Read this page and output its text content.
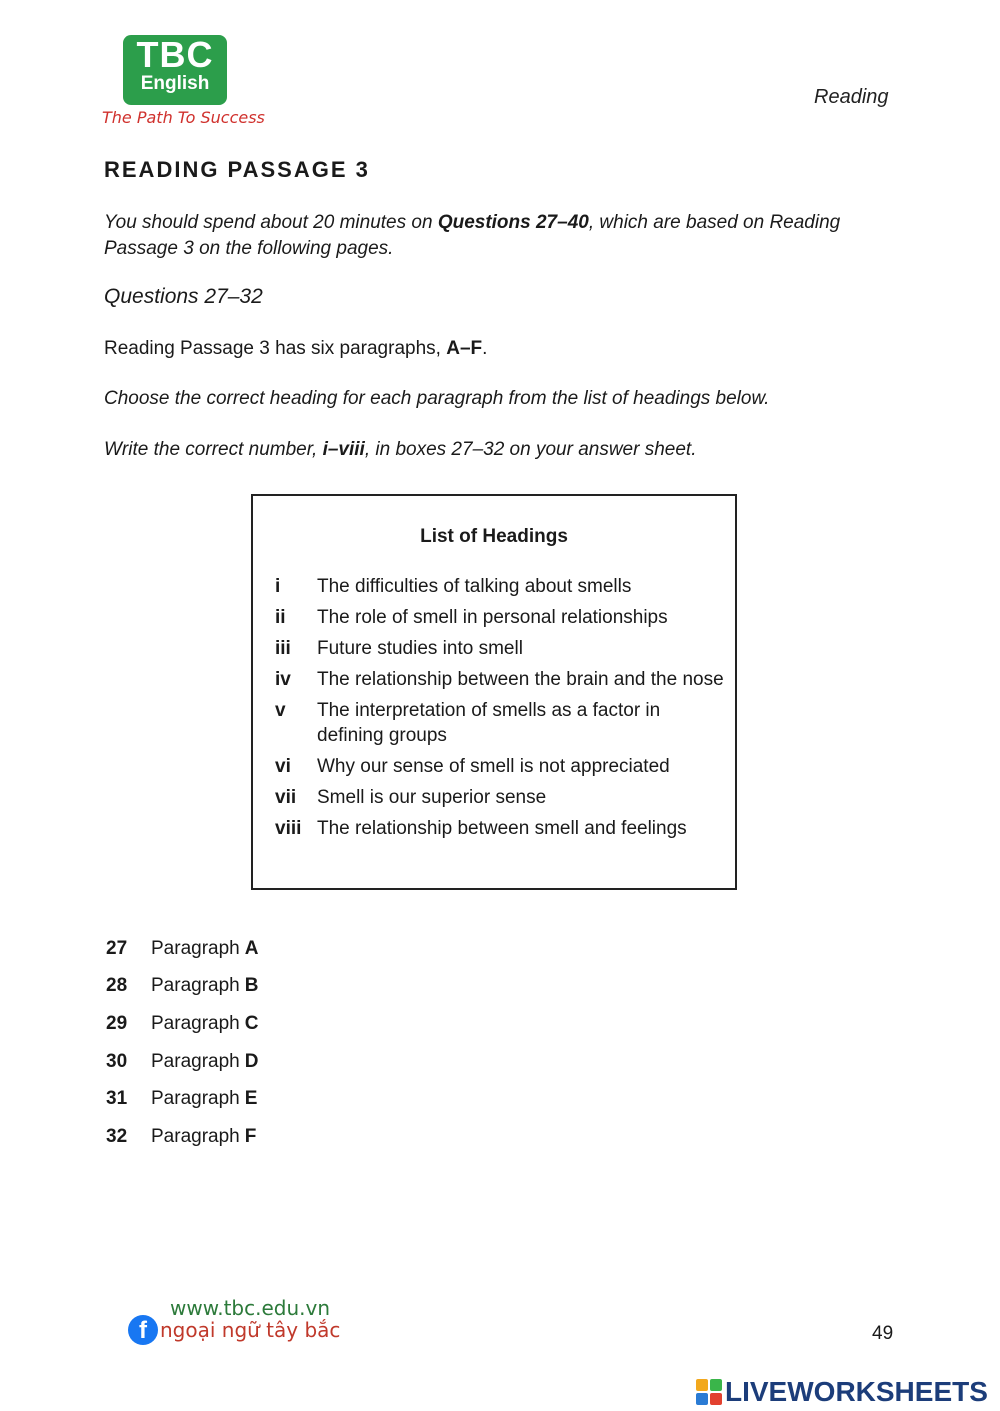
TBC
English
The Path To Success
Reading
READING PASSAGE 3
You should spend about 20 minutes on Questions 27–40, which are based on Reading Passage 3 on the following pages.
Questions 27–32
Reading Passage 3 has six paragraphs, A–F.
Choose the correct heading for each paragraph from the list of headings below.
Write the correct number, i–viii, in boxes 27–32 on your answer sheet.
List of Headings
i	The difficulties of talking about smells
ii	The role of smell in personal relationships
iii	Future studies into smell
iv	The relationship between the brain and the nose
v	The interpretation of smells as a factor in defining groups
vi	Why our sense of smell is not appreciated
vii	Smell is our superior sense
viii The relationship between smell and feelings
27	Paragraph A
28	Paragraph B
29	Paragraph C
30	Paragraph D
31	Paragraph E
32	Paragraph F
www.tbc.edu.vn
f ngoại ngữ tây bắc	49
LIVEWORKSHEETS
